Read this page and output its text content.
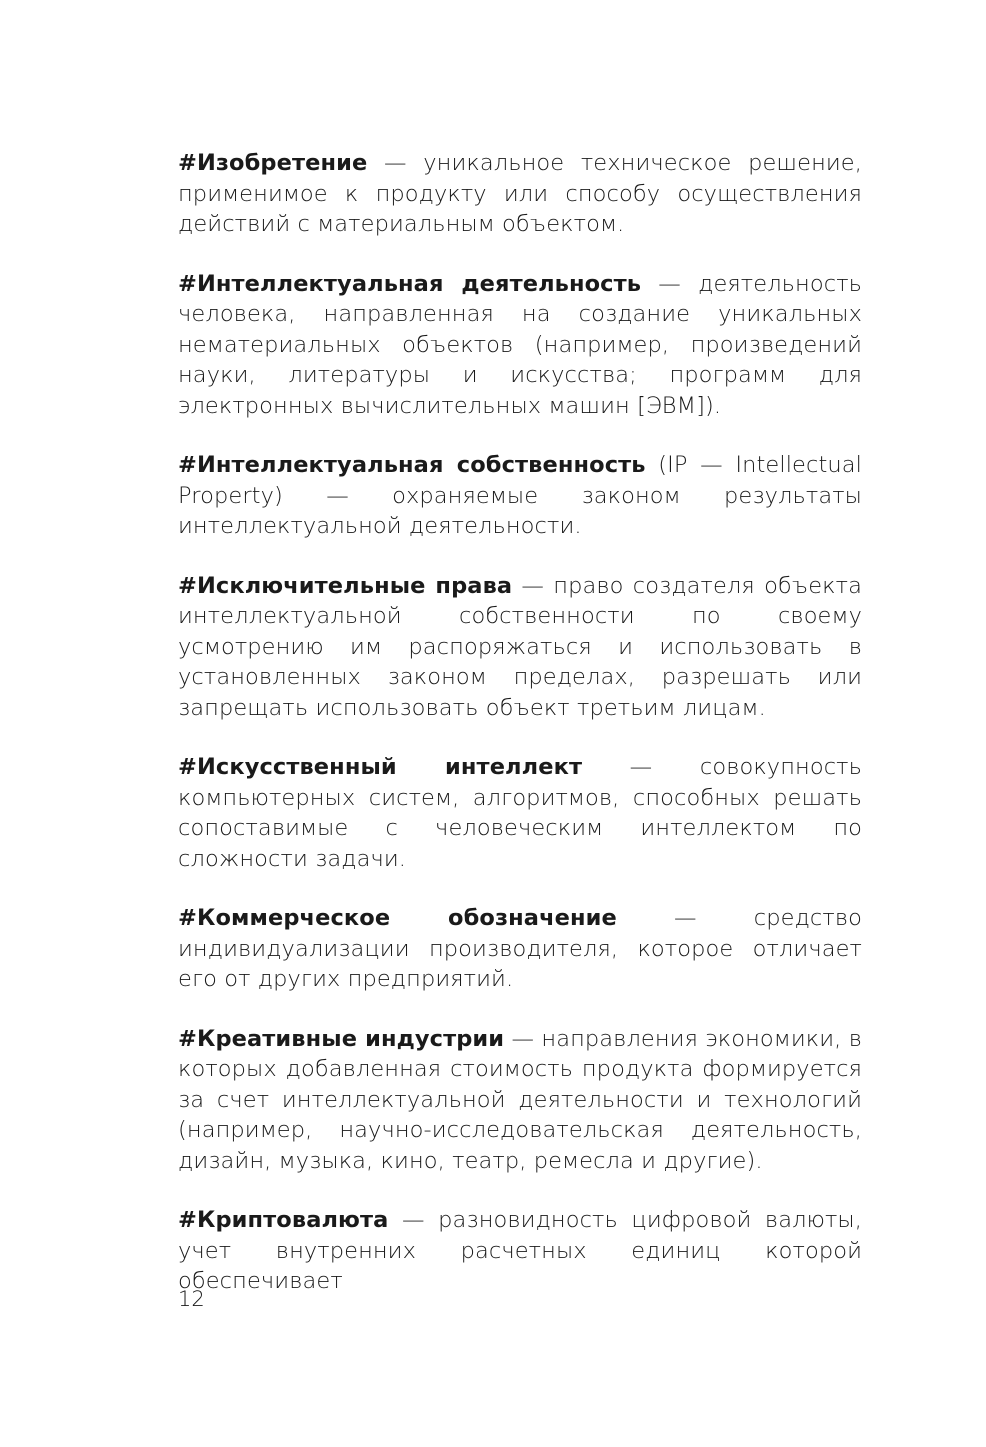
#Изобретение — уникальное техническое решение, применимое к продукту или способу осуществления действий с материальным объектом.

#Интеллектуальная деятельность — деятельность человека, направленная на создание уникальных нематериальных объектов (например, произведений науки, литературы и искусства; программ для электронных вычислительных машин [ЭВМ]).

#Интеллектуальная собственность (IP — Intellectual Property) — охраняемые законом результаты интеллектуальной деятельности.

#Исключительные права — право создателя объекта интеллектуальной собственности по своему усмотрению им распоряжаться и использовать в установленных законом пределах, разрешать или запрещать использовать объект третьим лицам.

#Искусственный интеллект — совокупность компьютерных систем, алгоритмов, способных решать сопоставимые с человеческим интеллектом по сложности задачи.

#Коммерческое обозначение — средство индивидуализации производителя, которое отличает его от других предприятий.

#Креативные индустрии — направления экономики, в которых добавленная стоимость продукта формируется за счет интеллектуальной деятельности и технологий (например, научно-исследовательская деятельность, дизайн, музыка, кино, театр, ремесла и другие).

#Криптовалюта — разновидность цифровой валюты, учет внутренних расчетных единиц которой обеспечивает

12
